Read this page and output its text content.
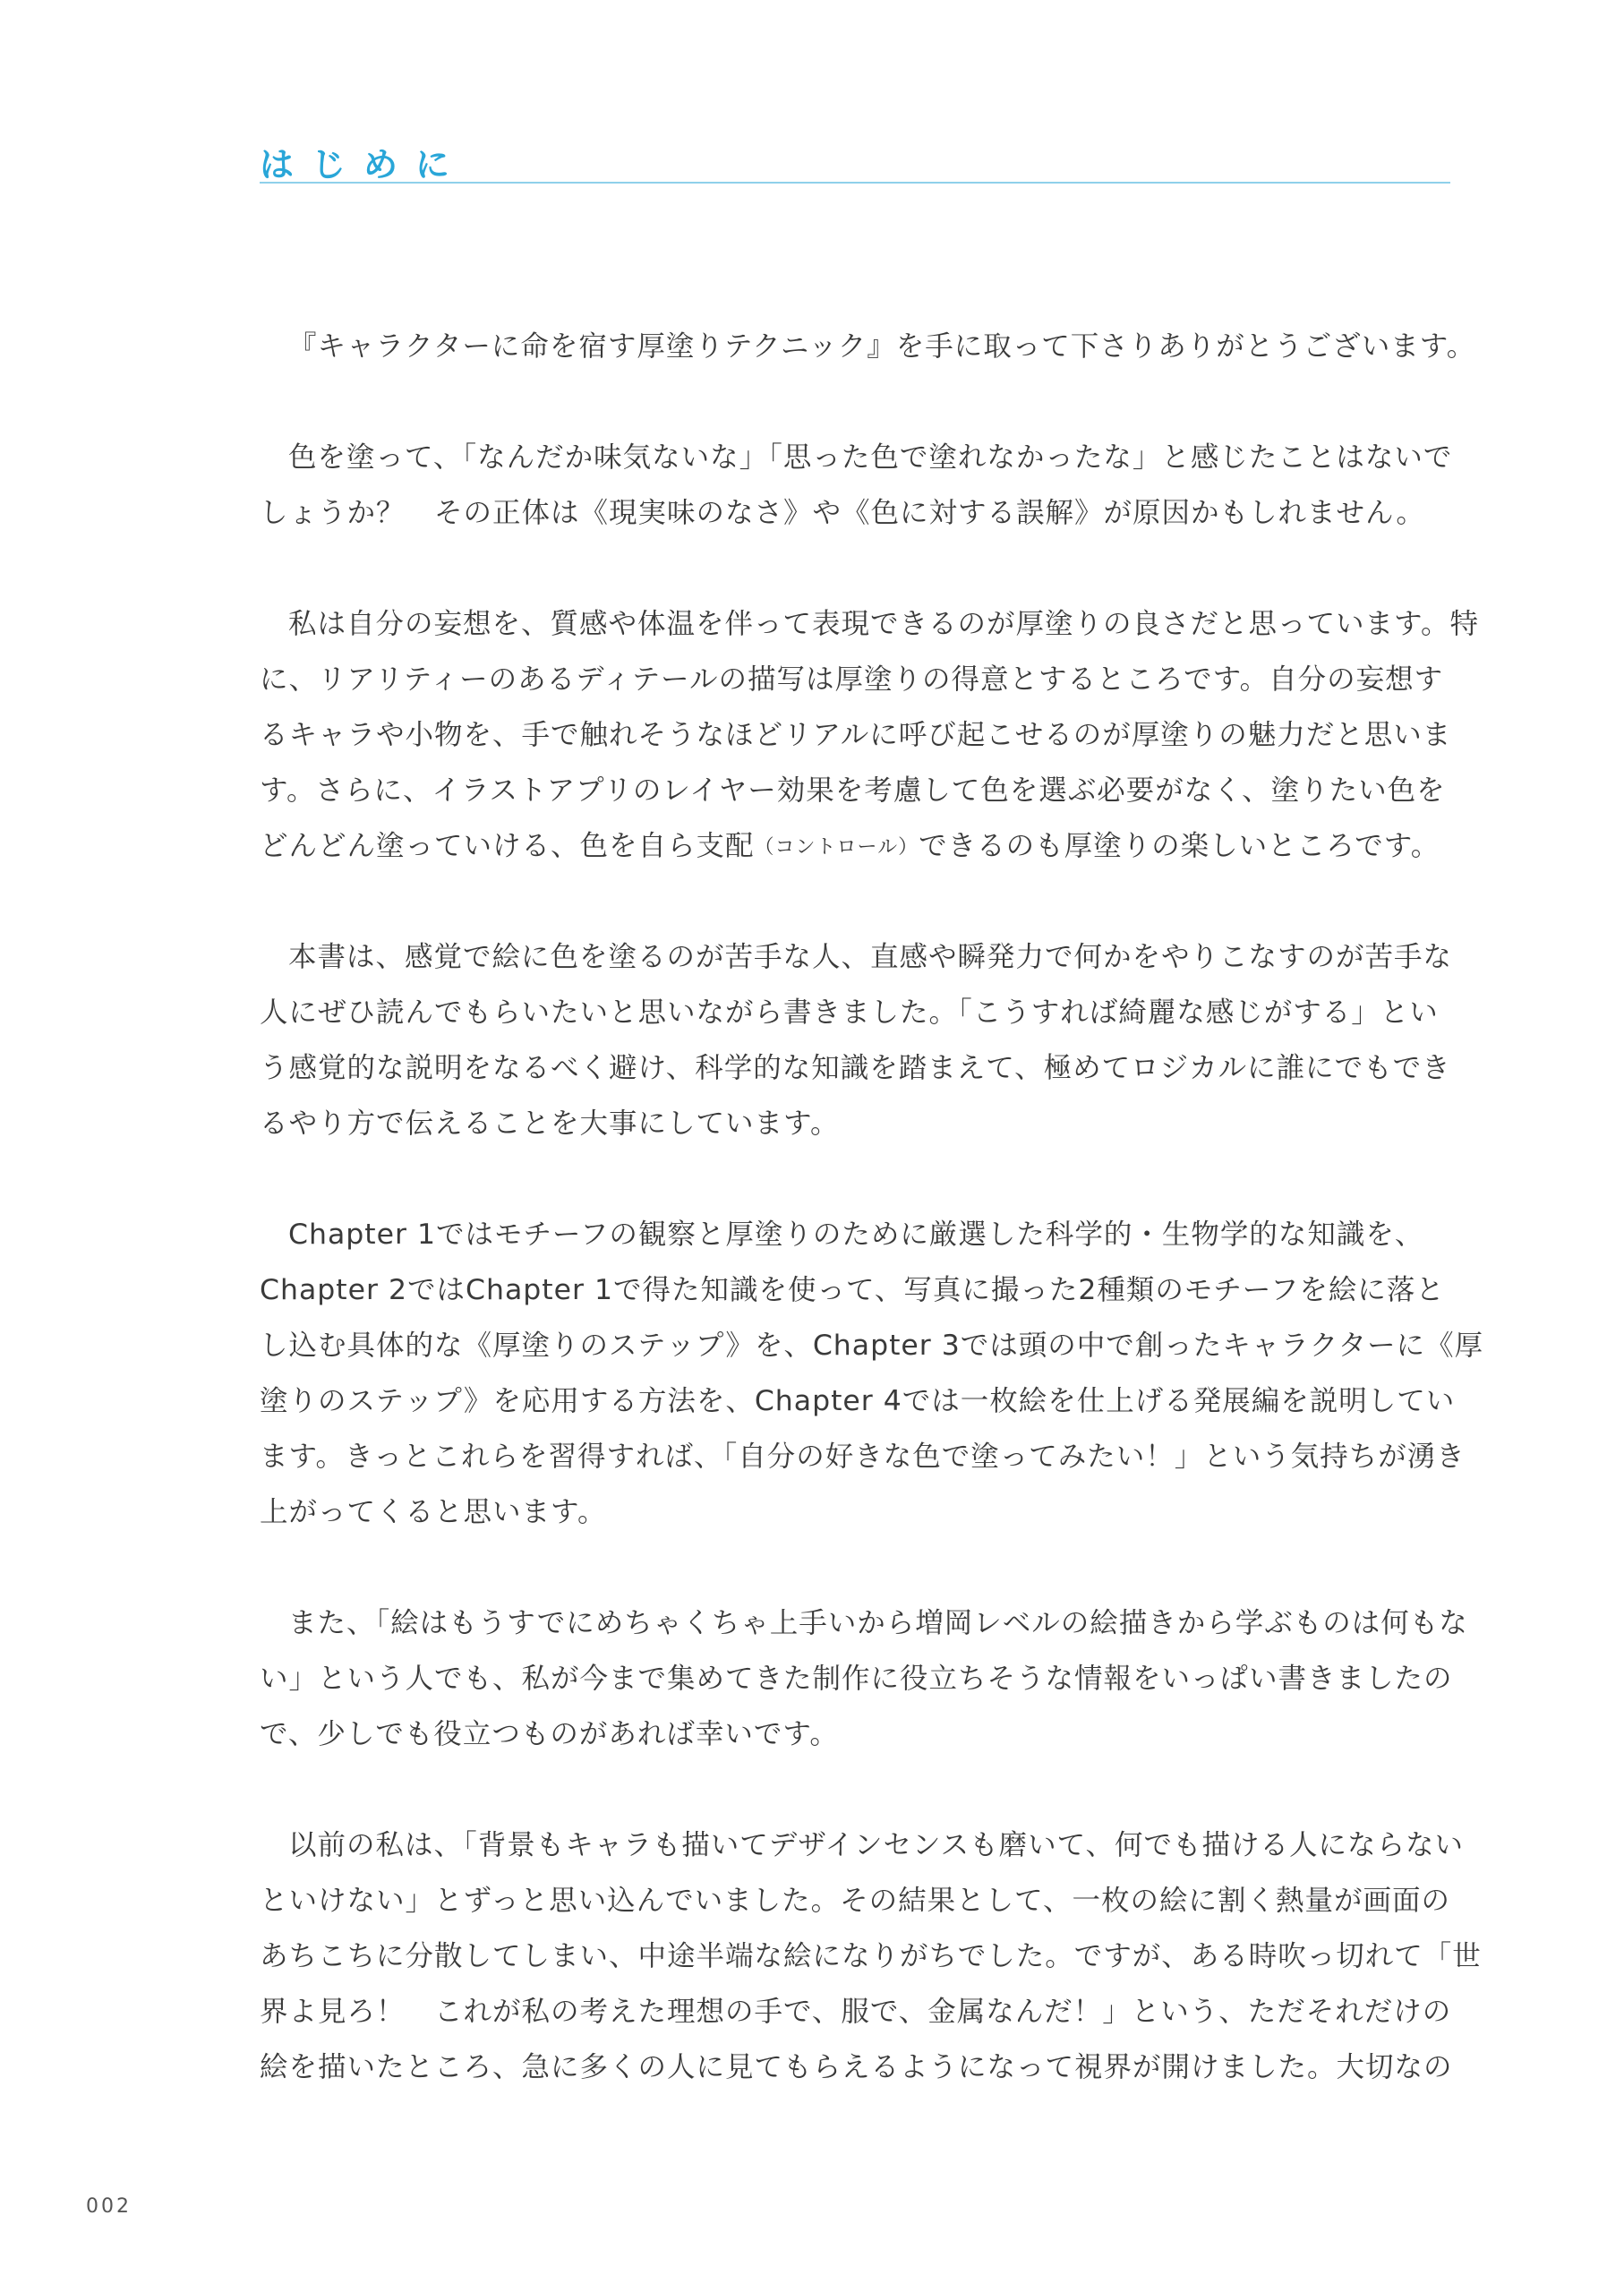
はじめに

『キャラクターに命を宿す厚塗りテクニック』を手に取って下さりありがとうございます。

色を塗って、「なんだか味気ないな」「思った色で塗れなかったな」と感じたことはないで
しょうか？　その正体は《現実味のなさ》や《色に対する誤解》が原因かもしれません。

私は自分の妄想を、質感や体温を伴って表現できるのが厚塗りの良さだと思っています。特
に、リアリティーのあるディテールの描写は厚塗りの得意とするところです。自分の妄想す
るキャラや小物を、手で触れそうなほどリアルに呼び起こせるのが厚塗りの魅力だと思いま
す。さらに、イラストアプリのレイヤー効果を考慮して色を選ぶ必要がなく、塗りたい色を
どんどん塗っていける、色を自ら支配（コントロール）できるのも厚塗りの楽しいところです。

本書は、感覚で絵に色を塗るのが苦手な人、直感や瞬発力で何かをやりこなすのが苦手な
人にぜひ読んでもらいたいと思いながら書きました。「こうすれば綺麗な感じがする」とい
う感覚的な説明をなるべく避け、科学的な知識を踏まえて、極めてロジカルに誰にでもでき
るやり方で伝えることを大事にしています。

Chapter 1ではモチーフの観察と厚塗りのために厳選した科学的・生物学的な知識を、
Chapter 2ではChapter 1で得た知識を使って、写真に撮った2種類のモチーフを絵に落と
し込む具体的な《厚塗りのステップ》を、Chapter 3では頭の中で創ったキャラクターに《厚
塗りのステップ》を応用する方法を、Chapter 4では一枚絵を仕上げる発展編を説明してい
ます。きっとこれらを習得すれば、「自分の好きな色で塗ってみたい！」という気持ちが湧き
上がってくると思います。

また、「絵はもうすでにめちゃくちゃ上手いから増岡レベルの絵描きから学ぶものは何もな
い」という人でも、私が今まで集めてきた制作に役立ちそうな情報をいっぱい書きましたの
で、少しでも役立つものがあれば幸いです。

以前の私は、「背景もキャラも描いてデザインセンスも磨いて、何でも描ける人にならない
といけない」とずっと思い込んでいました。その結果として、一枚の絵に割く熱量が画面の
あちこちに分散してしまい、中途半端な絵になりがちでした。ですが、ある時吹っ切れて「世
界よ見ろ！　これが私の考えた理想の手で、服で、金属なんだ！」という、ただそれだけの
絵を描いたところ、急に多くの人に見てもらえるようになって視界が開けました。大切なの

002
